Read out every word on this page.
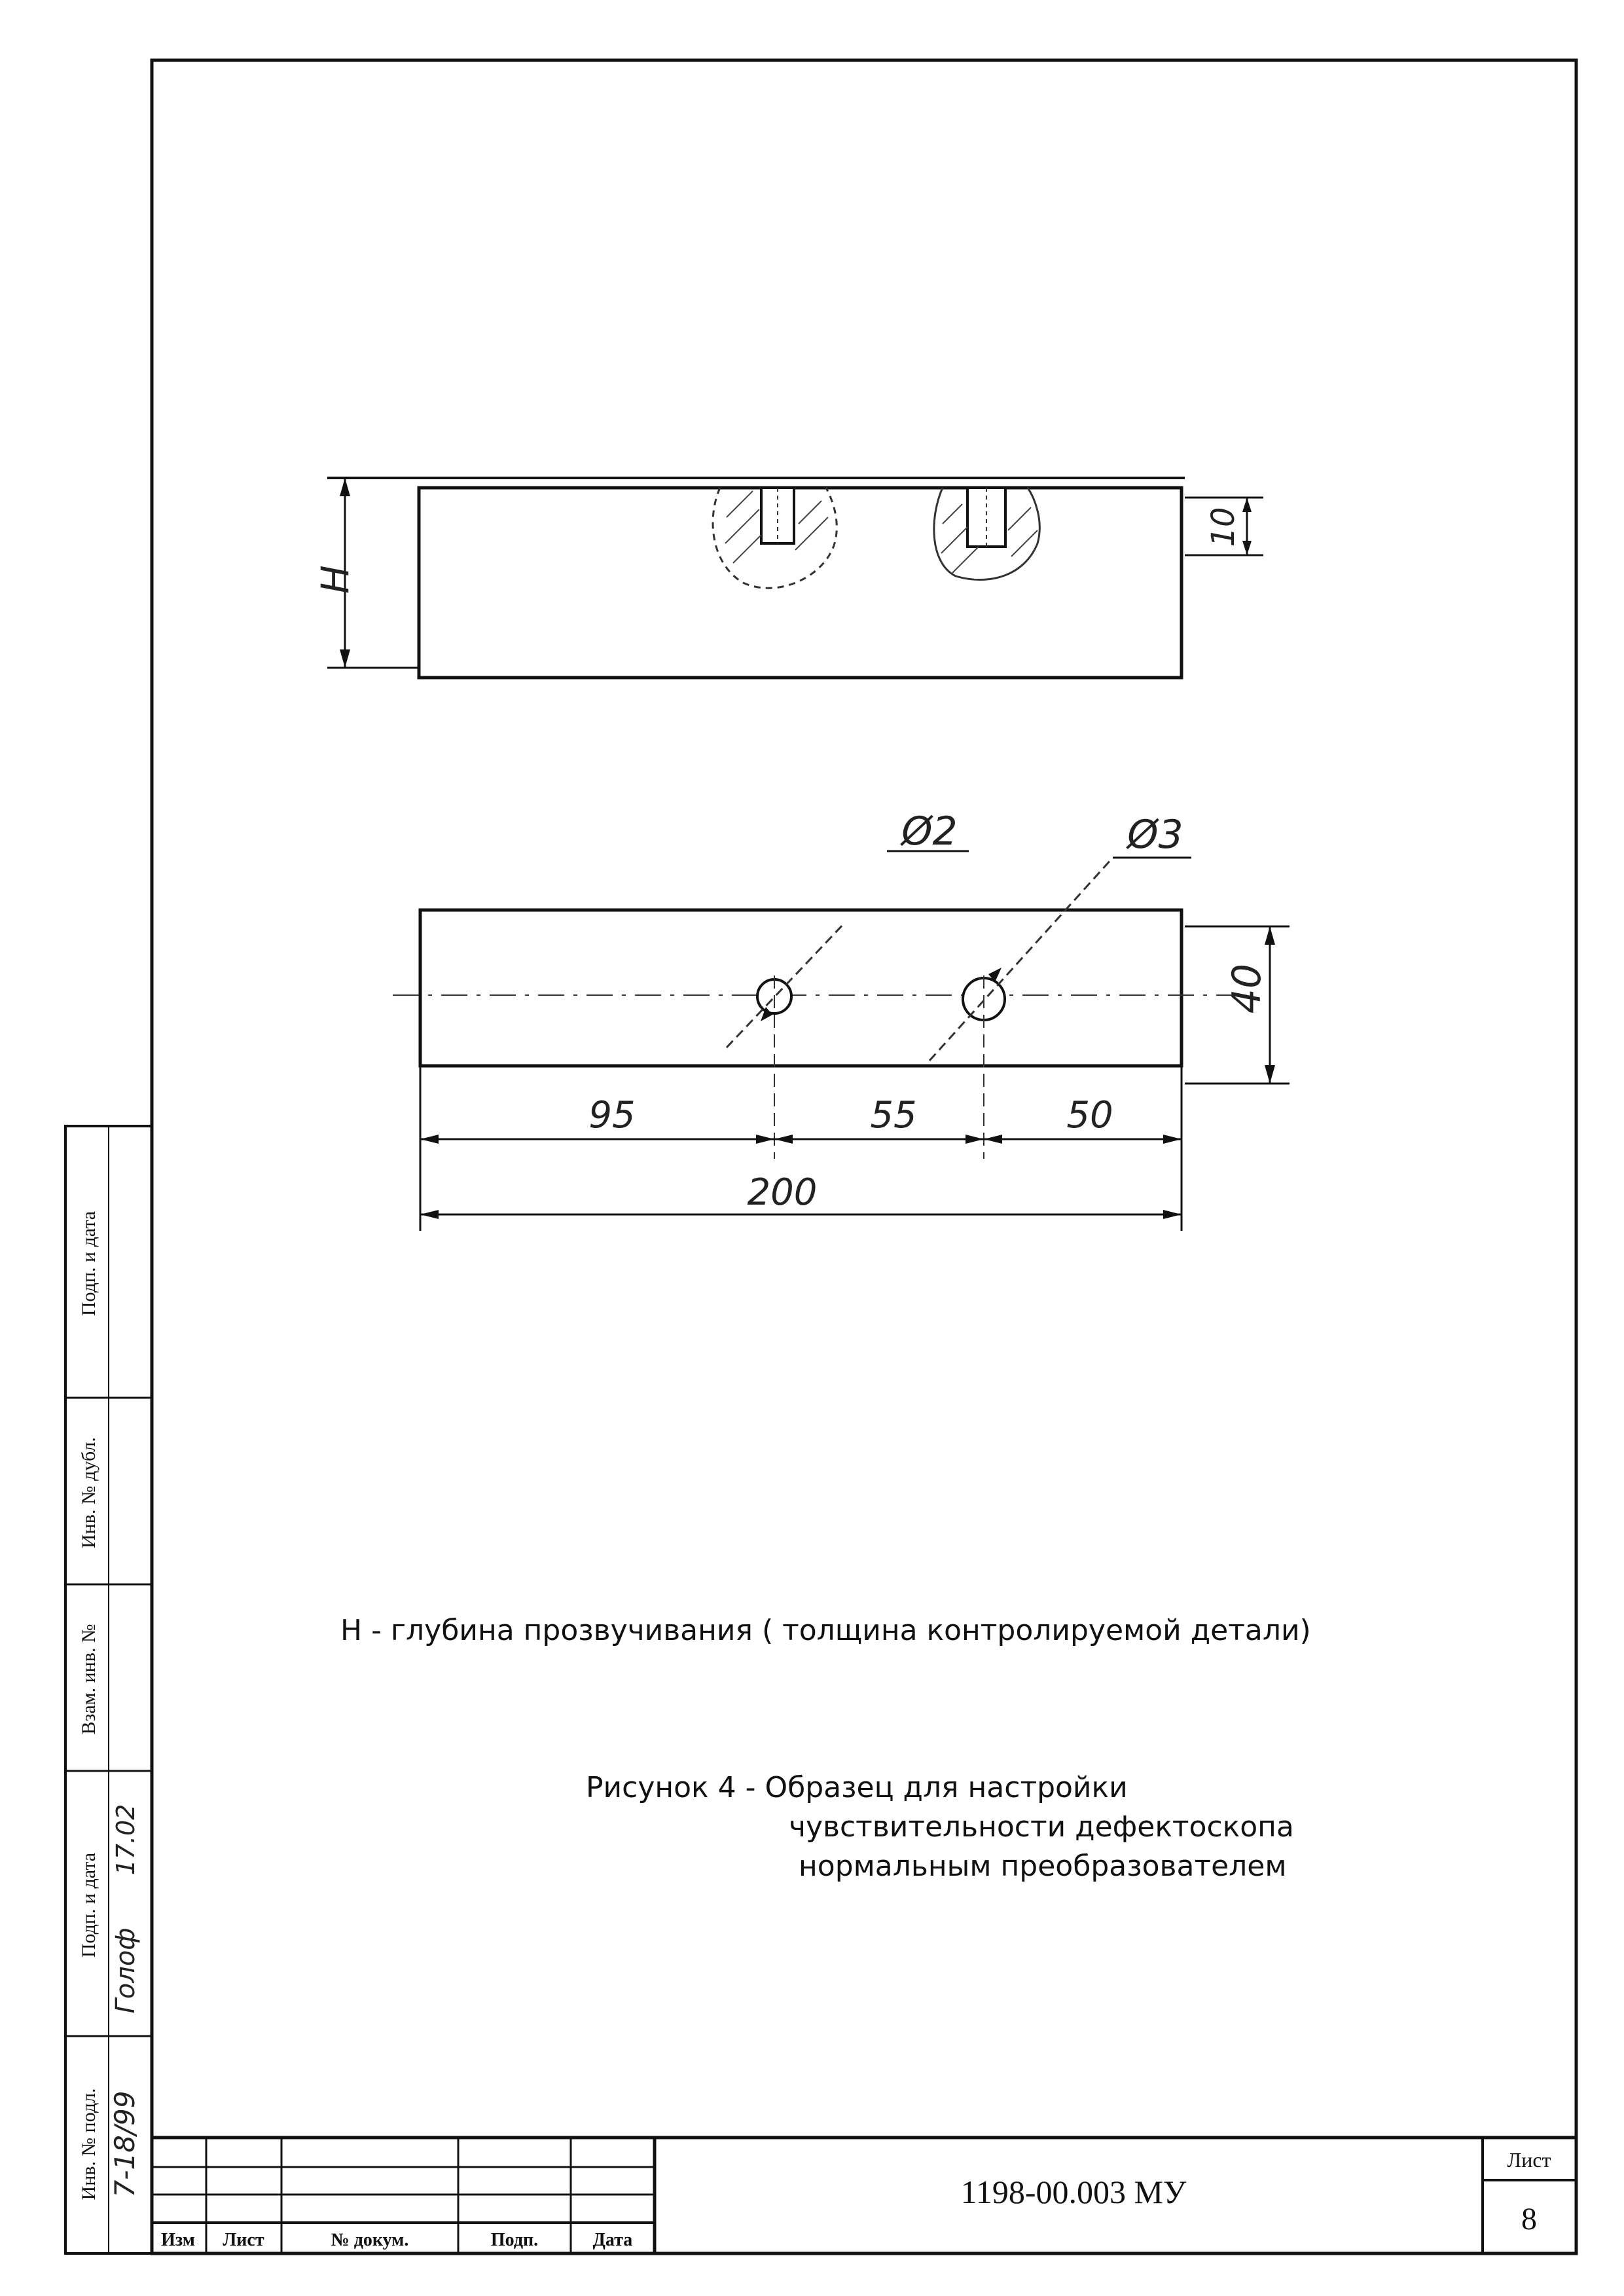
H
10
Ø2	Ø3
40
95	55	50
200
Изм Лист	№ докум.	Подп.	Дата
1198-00.003 МУ
Лист
8
Подп. и дата
Инв. № дубл.
Взам. инв. №
Подп. и дата
Инв. № подл. 7-18/99
17.02
Голоф
Н - глубина прозвучивания ( толщина контролируемой детали)
Рисунок 4 - Образец для настройки
чувствительности дефектоскопа
нормальным преобразователем
